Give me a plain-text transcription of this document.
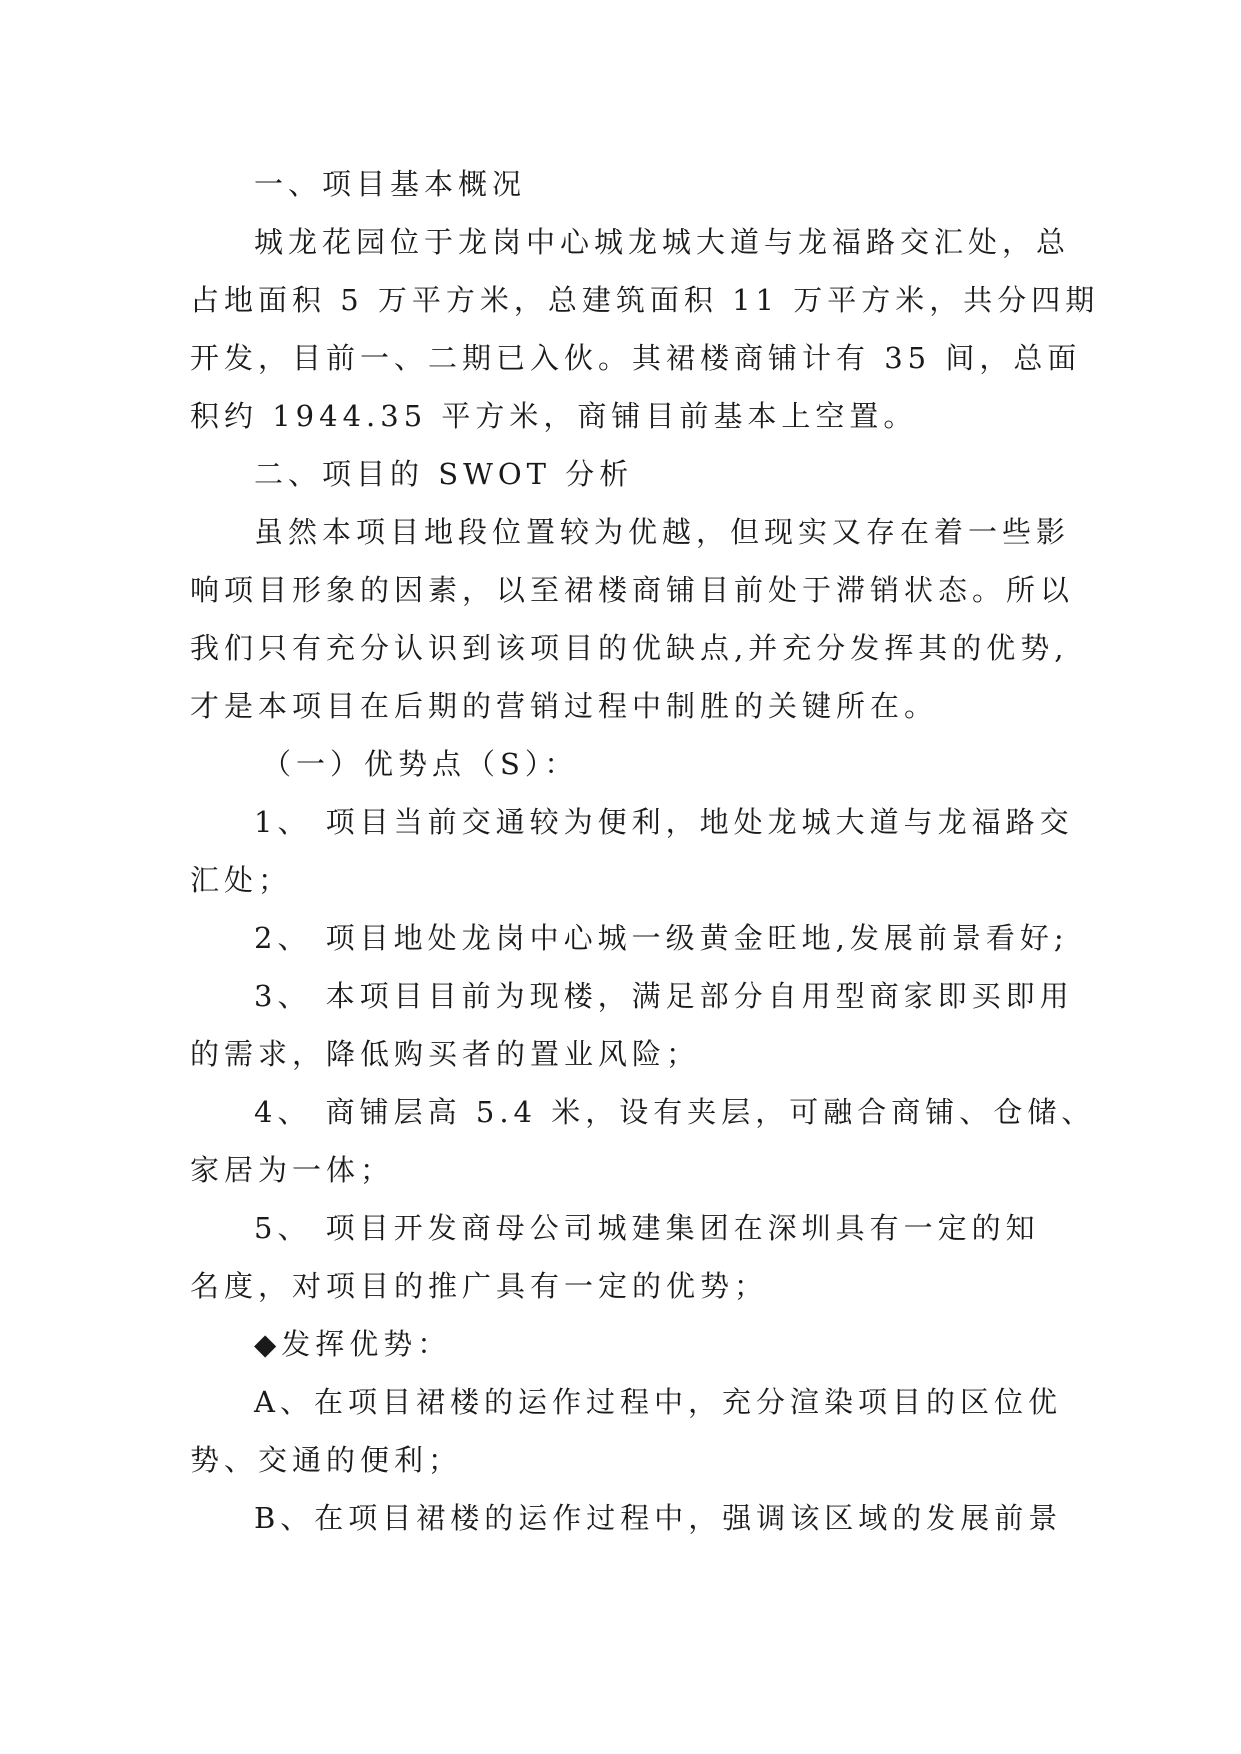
一、项目基本概况
城龙花园位于龙岗中心城龙城大道与龙福路交汇处，总
占地面积 5 万平方米，总建筑面积 11 万平方米，共分四期
开发，目前一、二期已入伙。其裙楼商铺计有 35 间，总面
积约 1944.35 平方米，商铺目前基本上空置。
二、项目的 SWOT 分析
虽然本项目地段位置较为优越，但现实又存在着一些影
响项目形象的因素，以至裙楼商铺目前处于滞销状态。所以
我们只有充分认识到该项目的优缺点,并充分发挥其的优势,
才是本项目在后期的营销过程中制胜的关键所在。
（一）优势点（S）：
1、 项目当前交通较为便利，地处龙城大道与龙福路交
汇处；
2、 项目地处龙岗中心城一级黄金旺地,发展前景看好;
3、 本项目目前为现楼，满足部分自用型商家即买即用
的需求，降低购买者的置业风险；
4、 商铺层高 5.4 米，设有夹层，可融合商铺、仓储、
家居为一体；
5、 项目开发商母公司城建集团在深圳具有一定的知
名度，对项目的推广具有一定的优势；
◆发挥优势：
A、在项目裙楼的运作过程中，充分渲染项目的区位优
势、交通的便利；
B、在项目裙楼的运作过程中，强调该区域的发展前景
